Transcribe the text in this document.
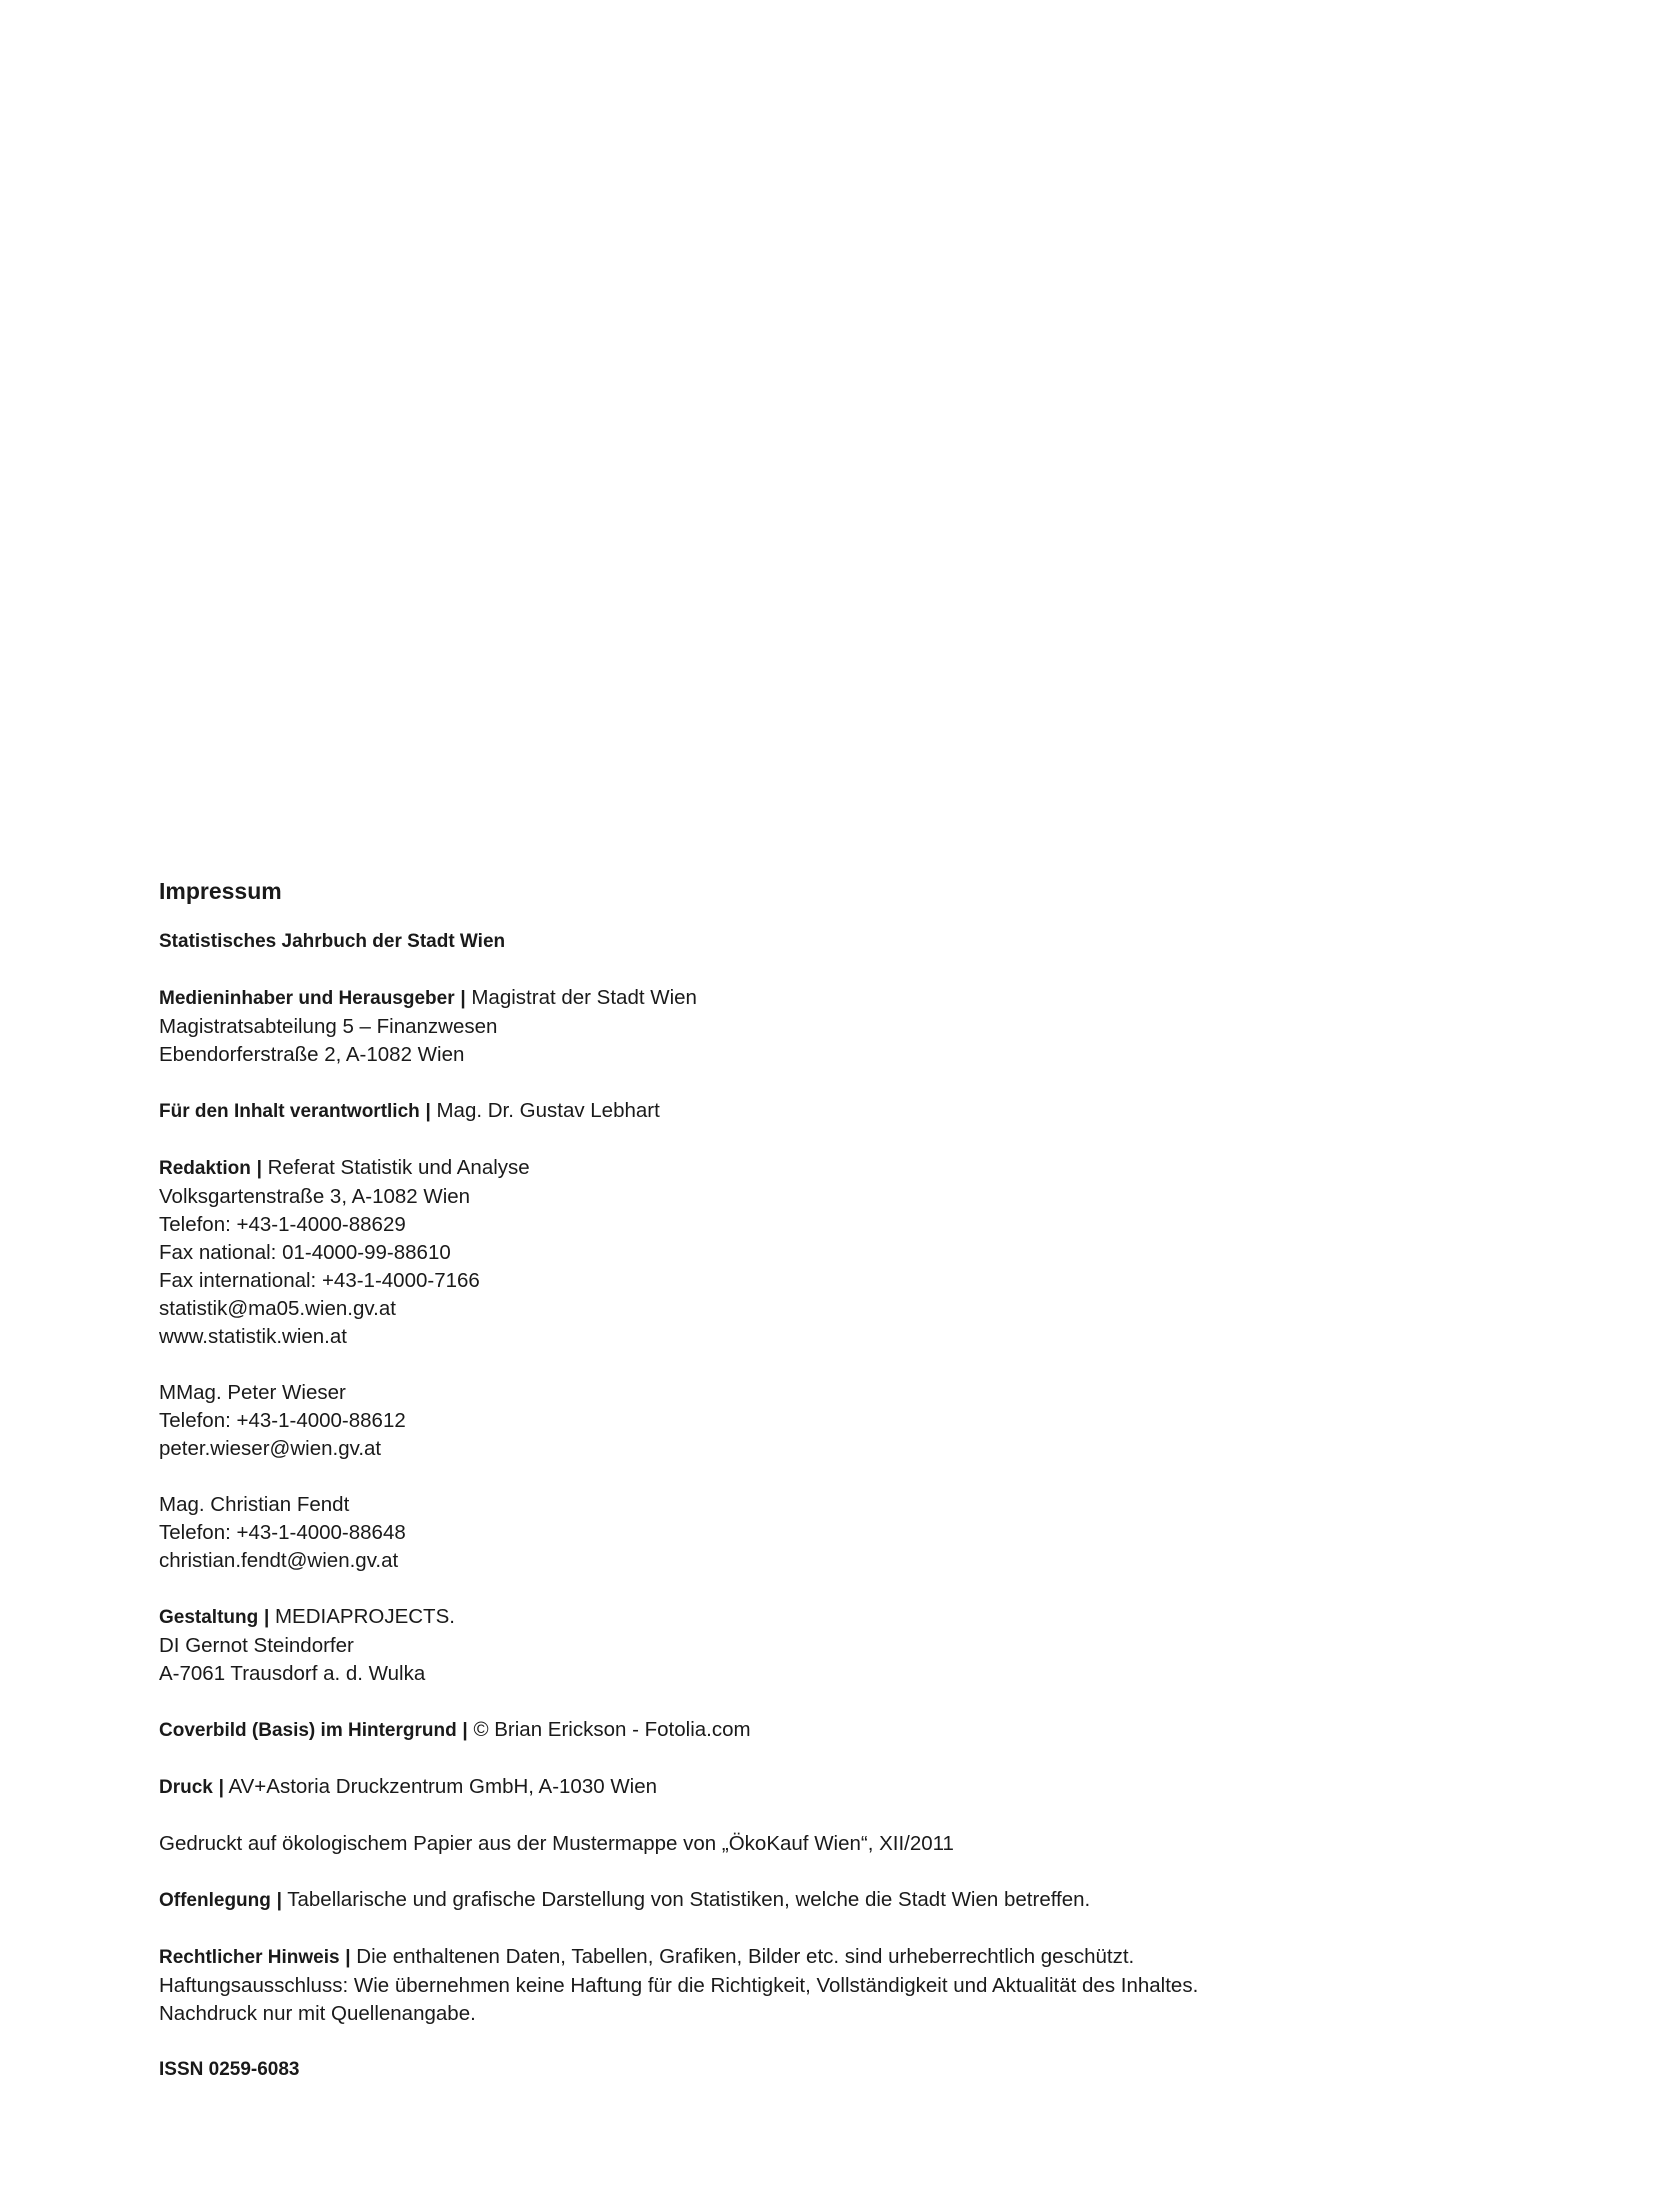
Impressum
Statistisches Jahrbuch der Stadt Wien
Medieninhaber und Herausgeber | Magistrat der Stadt Wien
Magistratsabteilung 5 – Finanzwesen
Ebendorferstraße 2, A-1082 Wien
Für den Inhalt verantwortlich | Mag. Dr. Gustav Lebhart
Redaktion | Referat Statistik und Analyse
Volksgartenstraße 3, A-1082 Wien
Telefon: +43-1-4000-88629
Fax national: 01-4000-99-88610
Fax international: +43-1-4000-7166
statistik@ma05.wien.gv.at
www.statistik.wien.at
MMag. Peter Wieser
Telefon: +43-1-4000-88612
peter.wieser@wien.gv.at
Mag. Christian Fendt
Telefon: +43-1-4000-88648
christian.fendt@wien.gv.at
Gestaltung | MEDIAPROJECTS.
DI Gernot Steindorfer
A-7061 Trausdorf a. d. Wulka
Coverbild (Basis) im Hintergrund | © Brian Erickson - Fotolia.com
Druck | AV+Astoria Druckzentrum GmbH, A-1030 Wien
Gedruckt auf ökologischem Papier aus der Mustermappe von „ÖkoKauf Wien“, XII/2011
Offenlegung | Tabellarische und grafische Darstellung von Statistiken, welche die Stadt Wien betreffen.
Rechtlicher Hinweis | Die enthaltenen Daten, Tabellen, Grafiken, Bilder etc. sind urheberrechtlich geschützt.
Haftungsausschluss: Wie übernehmen keine Haftung für die Richtigkeit, Vollständigkeit und Aktualität des Inhaltes.
Nachdruck nur mit Quellenangabe.
ISSN 0259-6083
